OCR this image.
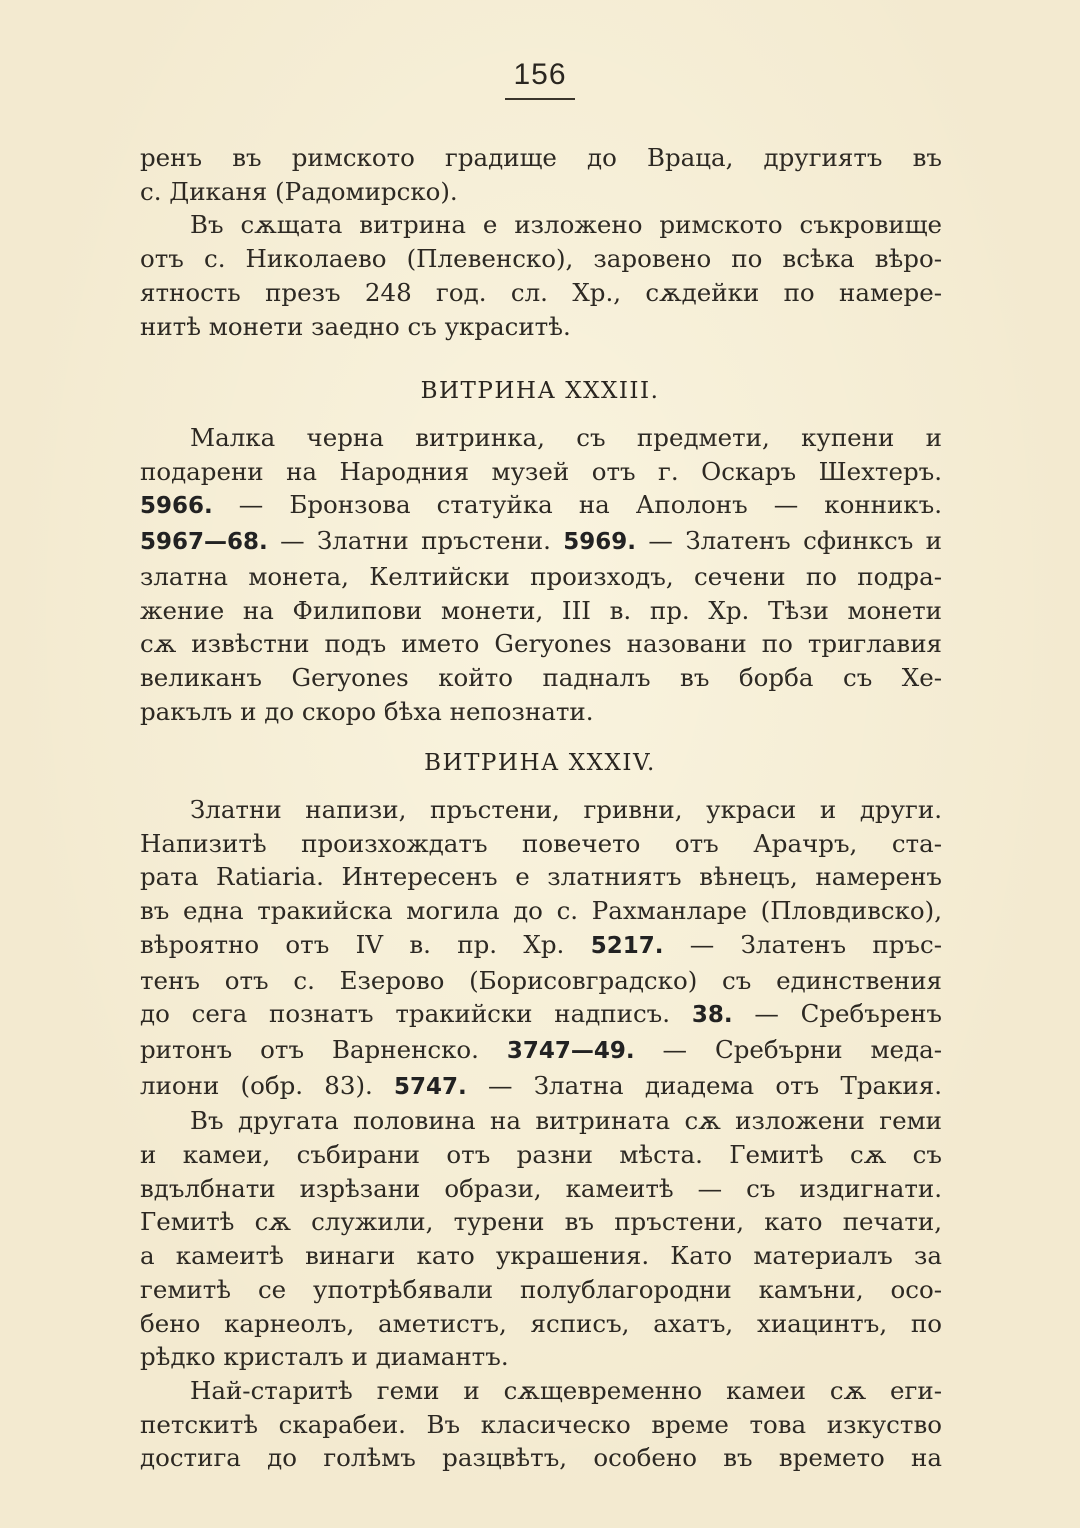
156
ренъ въ римското градище до Враца, другиятъ въ
с. Диканя (Радомирско).
Въ сѫщата витрина е изложено римското съкровище
отъ с. Николаево (Плевенско), заровено по всѣка вѣро-
ятность презъ 248 год. сл. Хр., сѫдейки по намере-
нитѣ монети заедно съ украситѣ.
ВИТРИНА XXXIII.
Малка черна витринка, съ предмети, купени и
подарени на Народния музей отъ г. Оскаръ Шехтеръ.
5966. — Бронзова статуйка на Аполонъ — конникъ.
5967—68. — Златни пръстени. 5969. — Златенъ сфинксъ и
златна монета, Келтийски произходъ, сечени по подра-
жение на Филипови монети, III в. пр. Хр. Тѣзи монети
сѫ извѣстни подъ името Geryones назовани по триглавия
великанъ Geryones който падналъ въ борба съ Хе-
ракълъ и до скоро бѣха непознати.
ВИТРИНА XXXIV.
Златни напизи, пръстени, гривни, украси и други.
Напизитѣ произхождатъ повечето отъ Арачръ, ста-
рата Ratiaria. Интересенъ е златниятъ вѣнецъ, намеренъ
въ една тракийска могила до с. Рахманларе (Пловдивско),
вѣроятно отъ IV в. пр. Хр. 5217. — Златенъ пръс-
тенъ отъ с. Езерово (Борисовградско) съ единствения
до сега познатъ тракийски надписъ. 38. — Сребъренъ
ритонъ отъ Варненско. 3747—49. — Сребърни меда-
лиони (обр. 83). 5747. — Златна диадема отъ Тракия.
Въ другата половина на витрината сѫ изложени геми
и камеи, събирани отъ разни мѣста. Гемитѣ сѫ съ
вдълбнати изрѣзани образи, камеитѣ — съ издигнати.
Гемитѣ сѫ служили, турени въ пръстени, като печати,
а камеитѣ винаги като украшения. Като материалъ за
гемитѣ се употрѣбявали полублагородни камъни, осо-
бено карнеолъ, аметистъ, ясписъ, ахатъ, хиацинтъ, по
рѣдко кристалъ и диамантъ.
Най-старитѣ геми и сѫщевременно камеи сѫ еги-
петскитѣ скарабеи. Въ класическо време това изкуство
достига до голѣмъ разцвѣтъ, особено въ времето на
